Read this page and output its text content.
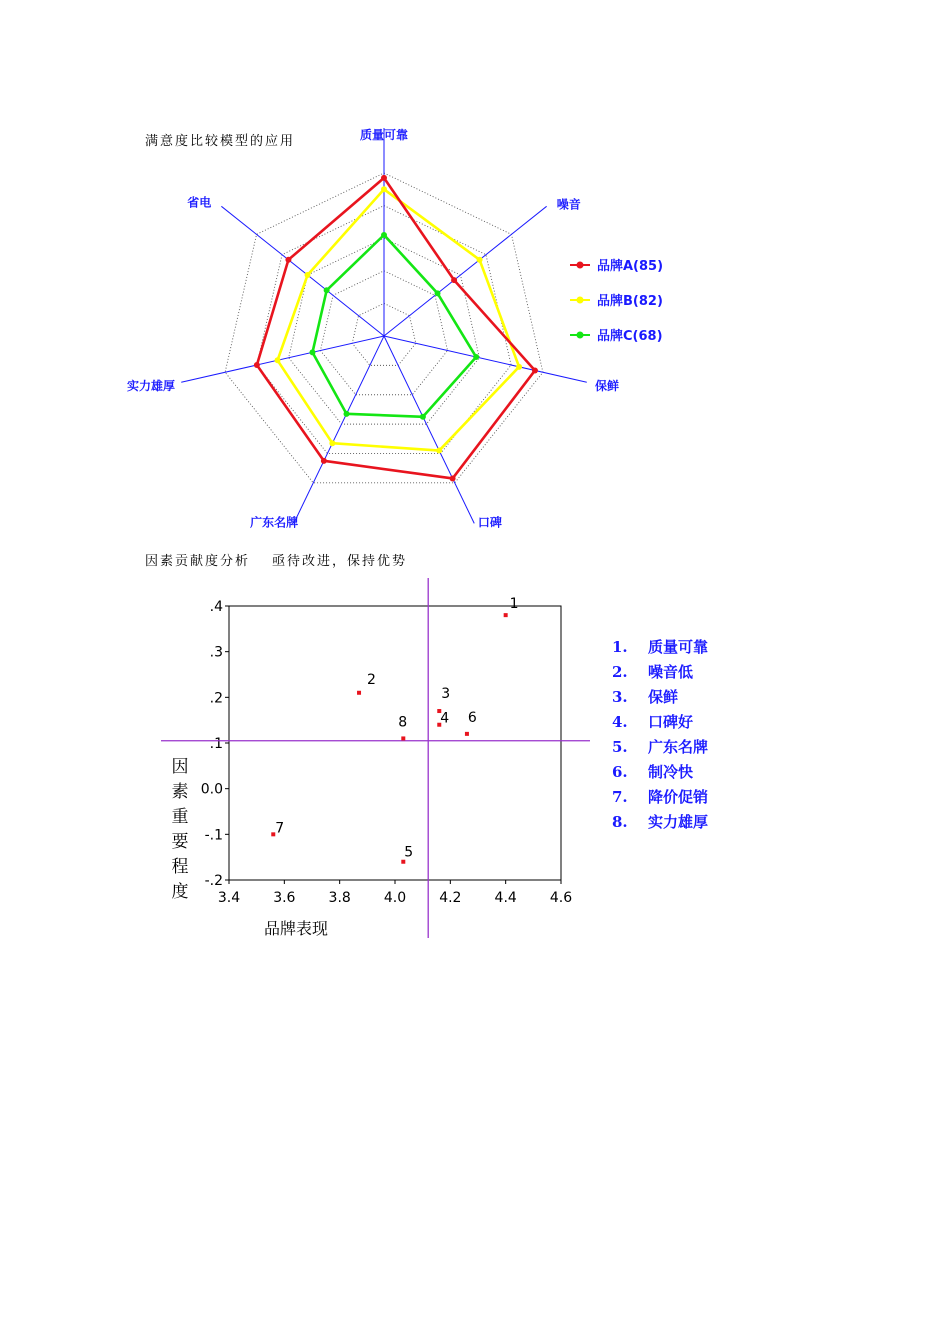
满意度比较模型的应用	质量可靠
噪音
保鲜
口碑
广东名牌
实力雄厚
省电
品牌A(85)
品牌B(82)
品牌C(68)
因素贡献度分析 亟待改进，保持优势
.4
.3
.2
.1
0.0
-.1
-.2
3.4 3.6 3.8 4.0 4.2 4.4 4.6
1
2
3
4
5
6
7
8
品牌表现
因
素
重
要
程
度
1. 质量可靠
2. 噪音低
3. 保鲜
4. 口碑好
5. 广东名牌
6. 制冷快
7. 降价促销
8. 实力雄厚
